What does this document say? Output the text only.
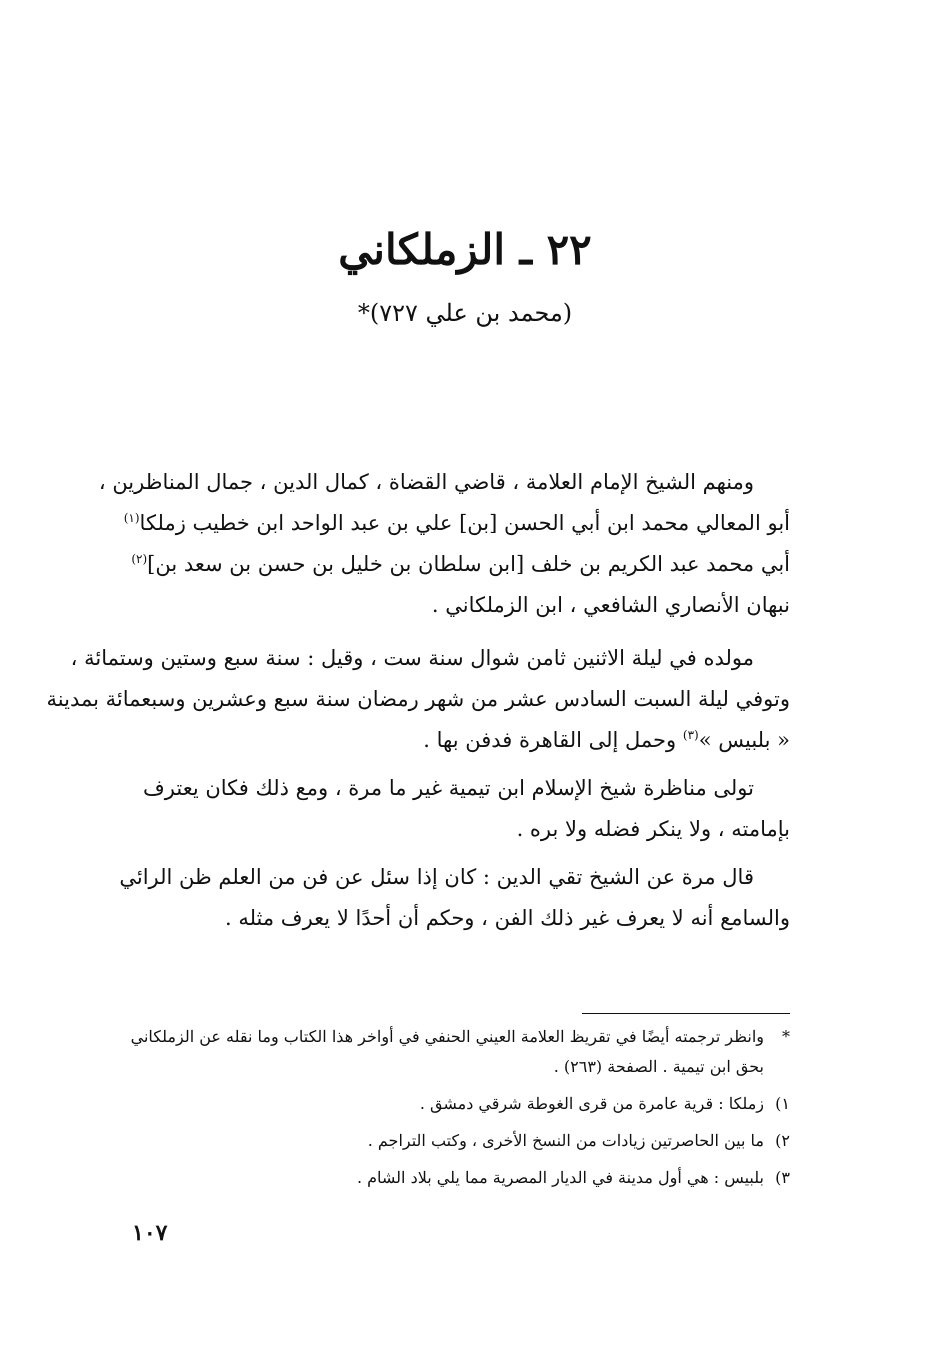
٢٢ ـ الزملكاني
(محمد بن علي ٧٢٧)*
ومنهم الشيخ الإمام العلامة ، قاضي القضاة ، كمال الدين ، جمال المناظرين ،
أبو المعالي محمد ابن أبي الحسن [بن] علي بن عبد الواحد ابن خطيب زملكا$^{(١)}$
أبي محمد عبد الكريم بن خلف [ابن سلطان بن خليل بن حسن بن سعد بن]$^{(٢)}$
نبهان الأنصاري الشافعي ، ابن الزملكاني .
مولده في ليلة الاثنين ثامن شوال سنة ست ، وقيل : سنة سبع وستين وستمائة ،
وتوفي ليلة السبت السادس عشر من شهر رمضان سنة سبع وعشرين وسبعمائة بمدينة
« بلبيس »$^{(٣)}$ وحمل إلى القاهرة فدفن بها .
تولى مناظرة شيخ الإسلام ابن تيمية غير ما مرة ، ومع ذلك فكان يعترف
بإمامته ، ولا ينكر فضله ولا بره .
قال مرة عن الشيخ تقي الدين : كان إذا سئل عن فن من العلم ظن الرائي
والسامع أنه لا يعرف غير ذلك الفن ، وحكم أن أحدًا لا يعرف مثله .
*
وانظر ترجمته أيضًا في تقريظ العلامة العيني الحنفي في أواخر هذا الكتاب وما نقله عن الزملكاني
بحق ابن تيمية . الصفحة (٢٦٣) .
١)
زملكا : قرية عامرة من قرى الغوطة شرقي دمشق .
٢)
ما بين الحاصرتين زيادات من النسخ الأخرى ، وكتب التراجم .
٣)
بلبيس : هي أول مدينة في الديار المصرية مما يلي بلاد الشام .
١٠٧
